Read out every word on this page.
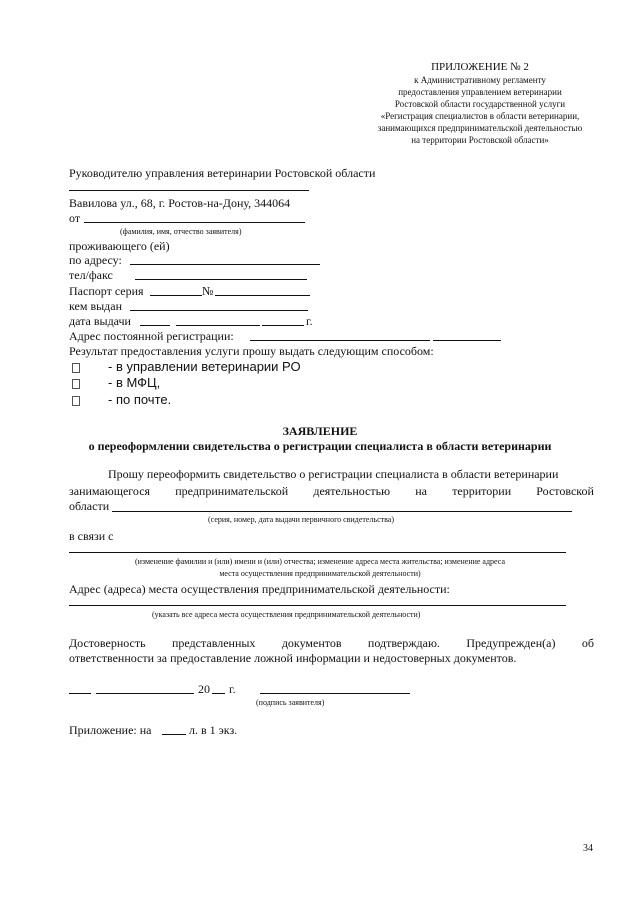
ПРИЛОЖЕНИЕ № 2
к Административному регламенту
предоставления управлением ветеринарии
Ростовской области государственной услуги
«Регистрация специалистов в области ветеринарии,
занимающихся предпринимательской деятельностью
на территории Ростовской области»
Руководителю управления ветеринарии Ростовской области
Вавилова ул., 68, г. Ростов-на-Дону, 344064
от
(фамилия, имя, отчество заявителя)
проживающего (ей)
по адресу:
тел/факс
Паспорт серия	№
кем выдан
дата выдачи	г.
Адрес постоянной регистрации:
Результат предоставления услуги прошу выдать следующим способом:
- в управлении ветеринарии РО
- в МФЦ,
- по почте.
ЗАЯВЛЕНИЕ
о переоформлении свидетельства о регистрации специалиста в области ветеринарии
Прошу переоформить свидетельство о регистрации специалиста в области ветеринарии
занимающегося предпринимательской деятельностью на территории Ростовской
области
(серия, номер, дата выдачи первичного свидетельства)
в связи с
(изменение фамилии и (или) имени и (или) отчества; изменение адреса места жительства; изменение адреса
места осуществления предпринимательской деятельности)
Адрес (адреса) места осуществления предпринимательской деятельности:
(указать все адреса места осуществления предпринимательской деятельности)
Достоверность представленных документов подтверждаю. Предупрежден(а) об
ответственности за предоставление ложной информации и недостоверных документов.
20 г.
(подпись заявителя)
Приложение: на	л. в 1 экз.
34
